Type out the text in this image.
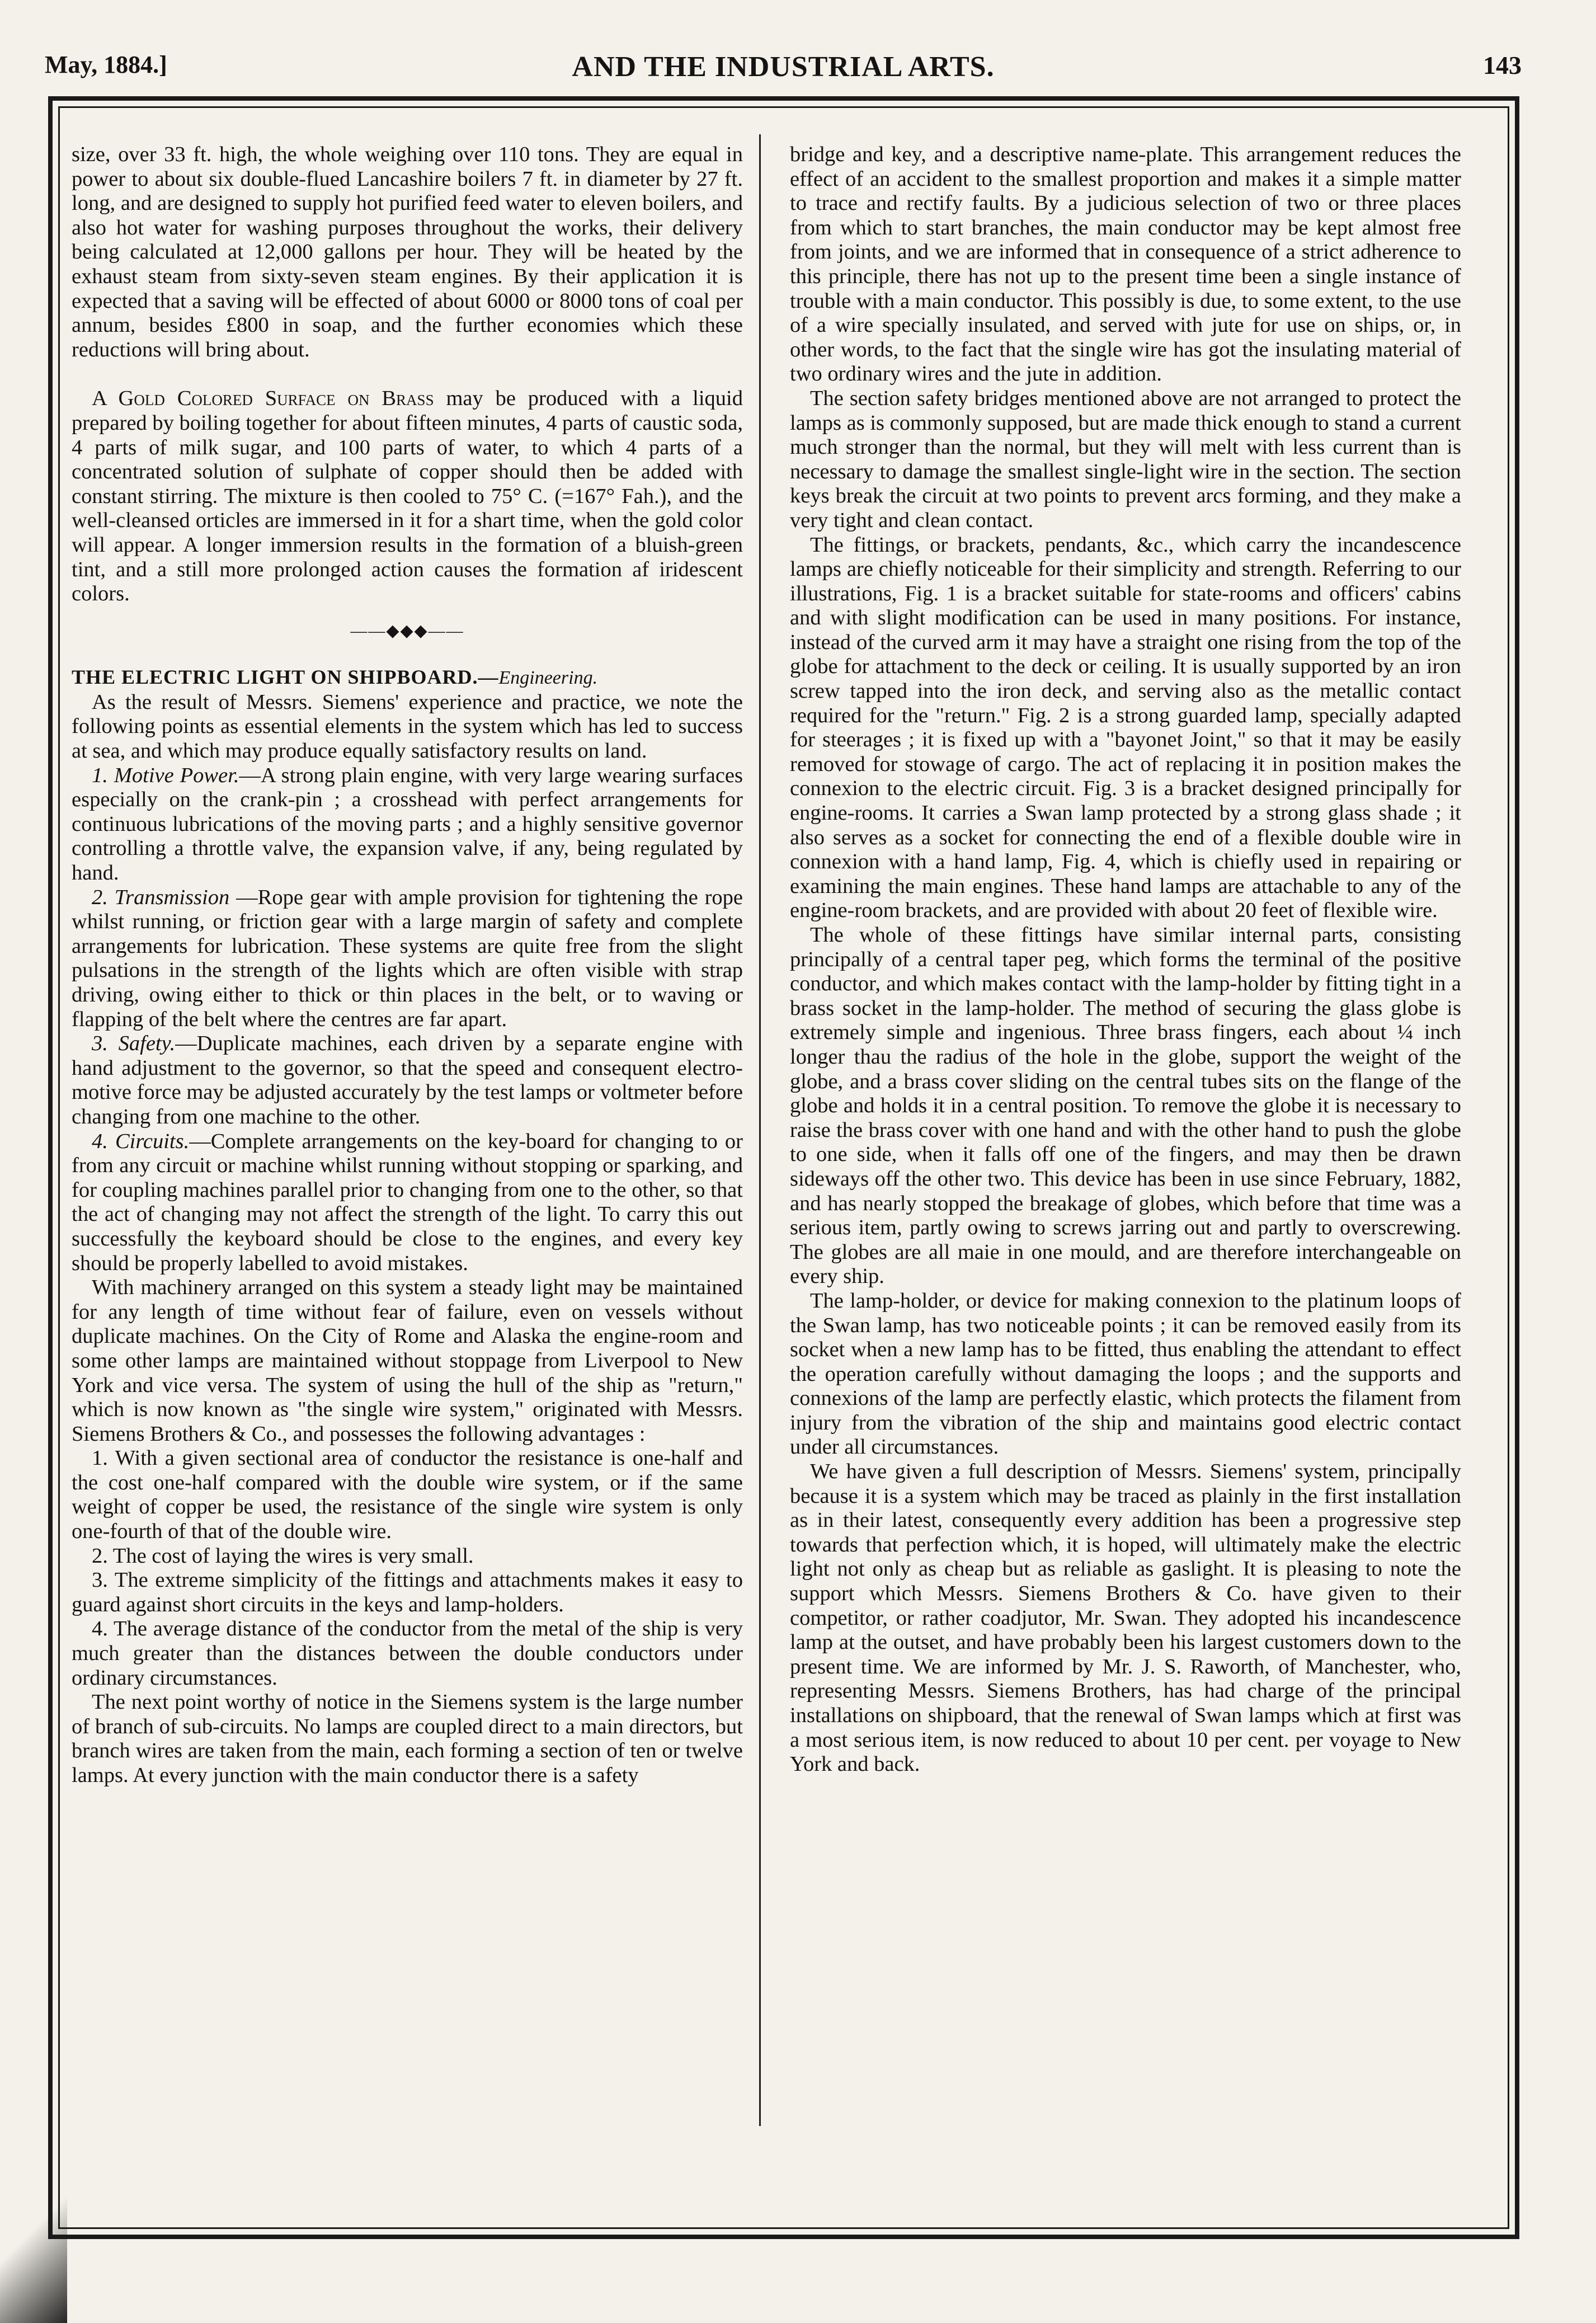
May, 1884.]	AND THE INDUSTRIAL ARTS.	143

size, over 33 ft. high, the whole weighing over 110 tons. They are equal in power to about six double-flued Lancashire boilers 7 ft. in diameter by 27 ft. long, and are designed to supply hot purified feed water to eleven boilers, and also hot water for washing purposes throughout the works, their delivery being calculated at 12,000 gallons per hour. They will be heated by the exhaust steam from sixty-seven steam engines. By their application it is expected that a saving will be effected of about 6000 or 8000 tons of coal per annum, besides £800 in soap, and the further economies which these reductions will bring about.

A Gold Colored Surface on Brass may be produced with a liquid prepared by boiling together for about fifteen minutes, 4 parts of caustic soda, 4 parts of milk sugar, and 100 parts of water, to which 4 parts of a concentrated solution of sulphate of copper should then be added with constant stirring. The mixture is then cooled to 75° C. (=167° Fah.), and the well-cleansed orticles are immersed in it for a shart time, when the gold color will appear. A longer immersion results in the formation of a bluish-green tint, and a still more prolonged action causes the formation af iridescent colors.

——◆◆◆——

THE ELECTRIC LIGHT ON SHIPBOARD.—Engineering.

As the result of Messrs. Siemens' experience and practice, we note the following points as essential elements in the system which has led to success at sea, and which may produce equally satisfactory results on land.

1. Motive Power.—A strong plain engine, with very large wearing surfaces especially on the crank-pin ; a crosshead with perfect arrangements for continuous lubrications of the moving parts ; and a highly sensitive governor controlling a throttle valve, the expansion valve, if any, being regulated by hand.

2. Transmission —Rope gear with ample provision for tightening the rope whilst running, or friction gear with a large margin of safety and complete arrangements for lubrication. These systems are quite free from the slight pulsations in the strength of the lights which are often visible with strap driving, owing either to thick or thin places in the belt, or to waving or flapping of the belt where the centres are far apart.

3. Safety.—Duplicate machines, each driven by a separate engine with hand adjustment to the governor, so that the speed and consequent electro-motive force may be adjusted accurately by the test lamps or voltmeter before changing from one machine to the other.

4. Circuits.—Complete arrangements on the key-board for changing to or from any circuit or machine whilst running without stopping or sparking, and for coupling machines parallel prior to changing from one to the other, so that the act of changing may not affect the strength of the light. To carry this out successfully the keyboard should be close to the engines, and every key should be properly labelled to avoid mistakes.

With machinery arranged on this system a steady light may be maintained for any length of time without fear of failure, even on vessels without duplicate machines. On the City of Rome and Alaska the engine-room and some other lamps are maintained without stoppage from Liverpool to New York and vice versa. The system of using the hull of the ship as "return," which is now known as "the single wire system," originated with Messrs. Siemens Brothers & Co., and possesses the following advantages :

1. With a given sectional area of conductor the resistance is one-half and the cost one-half compared with the double wire system, or if the same weight of copper be used, the resistance of the single wire system is only one-fourth of that of the double wire.

2. The cost of laying the wires is very small.

3. The extreme simplicity of the fittings and attachments makes it easy to guard against short circuits in the keys and lamp-holders.

4. The average distance of the conductor from the metal of the ship is very much greater than the distances between the double conductors under ordinary circumstances.

The next point worthy of notice in the Siemens system is the large number of branch of sub-circuits. No lamps are coupled direct to a main directors, but branch wires are taken from the main, each forming a section of ten or twelve lamps. At every junction with the main conductor there is a safety

bridge and key, and a descriptive name-plate. This arrangement reduces the effect of an accident to the smallest proportion and makes it a simple matter to trace and rectify faults. By a judicious selection of two or three places from which to start branches, the main conductor may be kept almost free from joints, and we are informed that in consequence of a strict adherence to this principle, there has not up to the present time been a single instance of trouble with a main conductor. This possibly is due, to some extent, to the use of a wire specially insulated, and served with jute for use on ships, or, in other words, to the fact that the single wire has got the insulating material of two ordinary wires and the jute in addition.

The section safety bridges mentioned above are not arranged to protect the lamps as is commonly supposed, but are made thick enough to stand a current much stronger than the normal, but they will melt with less current than is necessary to damage the smallest single-light wire in the section. The section keys break the circuit at two points to prevent arcs forming, and they make a very tight and clean contact.

The fittings, or brackets, pendants, &c., which carry the incandescence lamps are chiefly noticeable for their simplicity and strength. Referring to our illustrations, Fig. 1 is a bracket suitable for state-rooms and officers' cabins and with slight modification can be used in many positions. For instance, instead of the curved arm it may have a straight one rising from the top of the globe for attachment to the deck or ceiling. It is usually supported by an iron screw tapped into the iron deck, and serving also as the metallic contact required for the "return." Fig. 2 is a strong guarded lamp, specially adapted for steerages ; it is fixed up with a "bayonet Joint," so that it may be easily removed for stowage of cargo. The act of replacing it in position makes the connexion to the electric circuit. Fig. 3 is a bracket designed principally for engine-rooms. It carries a Swan lamp protected by a strong glass shade ; it also serves as a socket for connecting the end of a flexible double wire in connexion with a hand lamp, Fig. 4, which is chiefly used in repairing or examining the main engines. These hand lamps are attachable to any of the engine-room brackets, and are provided with about 20 feet of flexible wire.

The whole of these fittings have similar internal parts, consisting principally of a central taper peg, which forms the terminal of the positive conductor, and which makes contact with the lamp-holder by fitting tight in a brass socket in the lamp-holder. The method of securing the glass globe is extremely simple and ingenious. Three brass fingers, each about ¼ inch longer thau the radius of the hole in the globe, support the weight of the globe, and a brass cover sliding on the central tubes sits on the flange of the globe and holds it in a central position. To remove the globe it is necessary to raise the brass cover with one hand and with the other hand to push the globe to one side, when it falls off one of the fingers, and may then be drawn sideways off the other two. This device has been in use since February, 1882, and has nearly stopped the breakage of globes, which before that time was a serious item, partly owing to screws jarring out and partly to overscrewing. The globes are all maie in one mould, and are therefore interchangeable on every ship.

The lamp-holder, or device for making connexion to the platinum loops of the Swan lamp, has two noticeable points ; it can be removed easily from its socket when a new lamp has to be fitted, thus enabling the attendant to effect the operation carefully without damaging the loops ; and the supports and connexions of the lamp are perfectly elastic, which protects the filament from injury from the vibration of the ship and maintains good electric contact under all circumstances.

We have given a full description of Messrs. Siemens' system, principally because it is a system which may be traced as plainly in the first installation as in their latest, consequently every addition has been a progressive step towards that perfection which, it is hoped, will ultimately make the electric light not only as cheap but as reliable as gaslight. It is pleasing to note the support which Messrs. Siemens Brothers & Co. have given to their competitor, or rather coadjutor, Mr. Swan. They adopted his incandescence lamp at the outset, and have probably been his largest customers down to the present time. We are informed by Mr. J. S. Raworth, of Manchester, who, representing Messrs. Siemens Brothers, has had charge of the principal installations on shipboard, that the renewal of Swan lamps which at first was a most serious item, is now reduced to about 10 per cent. per voyage to New York and back.
